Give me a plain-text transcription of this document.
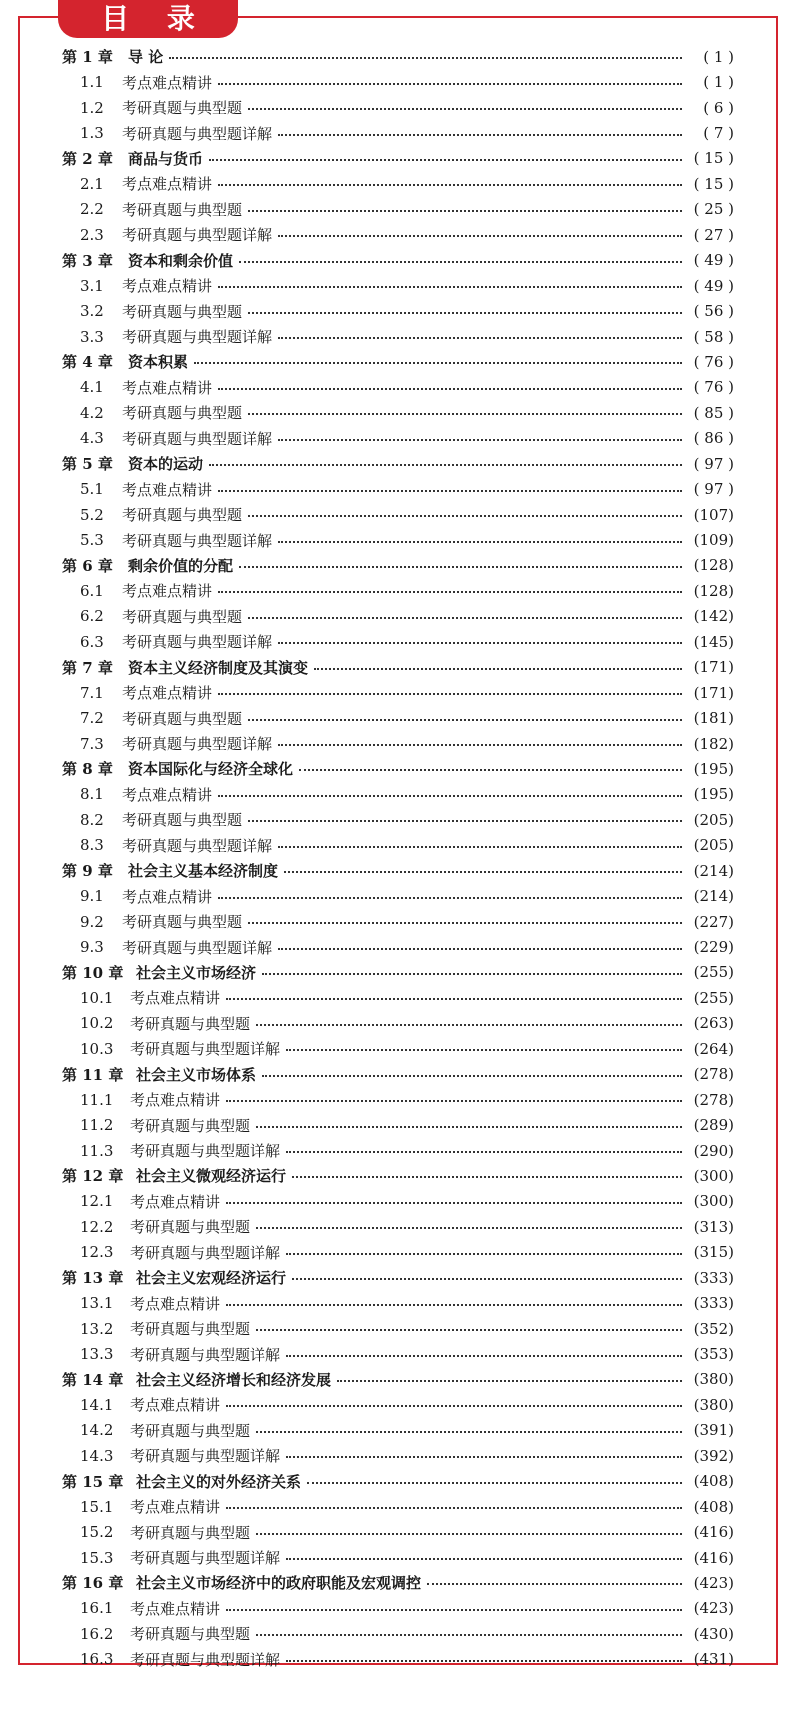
目 录
第 1 章	导 论	( 1 )
1.1	考点难点精讲	( 1 )
1.2	考研真题与典型题	( 6 )
1.3	考研真题与典型题详解	( 7 )
第 2 章	商品与货币	( 15 )
2.1	考点难点精讲	( 15 )
2.2	考研真题与典型题	( 25 )
2.3	考研真题与典型题详解	( 27 )
第 3 章	资本和剩余价值	( 49 )
3.1	考点难点精讲	( 49 )
3.2	考研真题与典型题	( 56 )
3.3	考研真题与典型题详解	( 58 )
第 4 章	资本积累	( 76 )
4.1	考点难点精讲	( 76 )
4.2	考研真题与典型题	( 85 )
4.3	考研真题与典型题详解	( 86 )
第 5 章	资本的运动	( 97 )
5.1	考点难点精讲	( 97 )
5.2	考研真题与典型题	(107)
5.3	考研真题与典型题详解	(109)
第 6 章	剩余价值的分配	(128)
6.1	考点难点精讲	(128)
6.2	考研真题与典型题	(142)
6.3	考研真题与典型题详解	(145)
第 7 章	资本主义经济制度及其演变	(171)
7.1	考点难点精讲	(171)
7.2	考研真题与典型题	(181)
7.3	考研真题与典型题详解	(182)
第 8 章	资本国际化与经济全球化	(195)
8.1	考点难点精讲	(195)
8.2	考研真题与典型题	(205)
8.3	考研真题与典型题详解	(205)
第 9 章	社会主义基本经济制度	(214)
9.1	考点难点精讲	(214)
9.2	考研真题与典型题	(227)
9.3	考研真题与典型题详解	(229)
第 10 章 社会主义市场经济	(255)
10.1	考点难点精讲	(255)
10.2	考研真题与典型题	(263)
10.3	考研真题与典型题详解	(264)
第 11 章 社会主义市场体系	(278)
11.1	考点难点精讲	(278)
11.2	考研真题与典型题	(289)
11.3	考研真题与典型题详解	(290)
第 12 章 社会主义微观经济运行	(300)
12.1	考点难点精讲	(300)
12.2	考研真题与典型题	(313)
12.3	考研真题与典型题详解	(315)
第 13 章 社会主义宏观经济运行	(333)
13.1	考点难点精讲	(333)
13.2	考研真题与典型题	(352)
13.3	考研真题与典型题详解	(353)
第 14 章 社会主义经济增长和经济发展	(380)
14.1	考点难点精讲	(380)
14.2	考研真题与典型题	(391)
14.3	考研真题与典型题详解	(392)
第 15 章 社会主义的对外经济关系	(408)
15.1	考点难点精讲	(408)
15.2	考研真题与典型题	(416)
15.3	考研真题与典型题详解	(416)
第 16 章 社会主义市场经济中的政府职能及宏观调控	(423)
16.1	考点难点精讲	(423)
16.2	考研真题与典型题	(430)
16.3	考研真题与典型题详解	(431)
